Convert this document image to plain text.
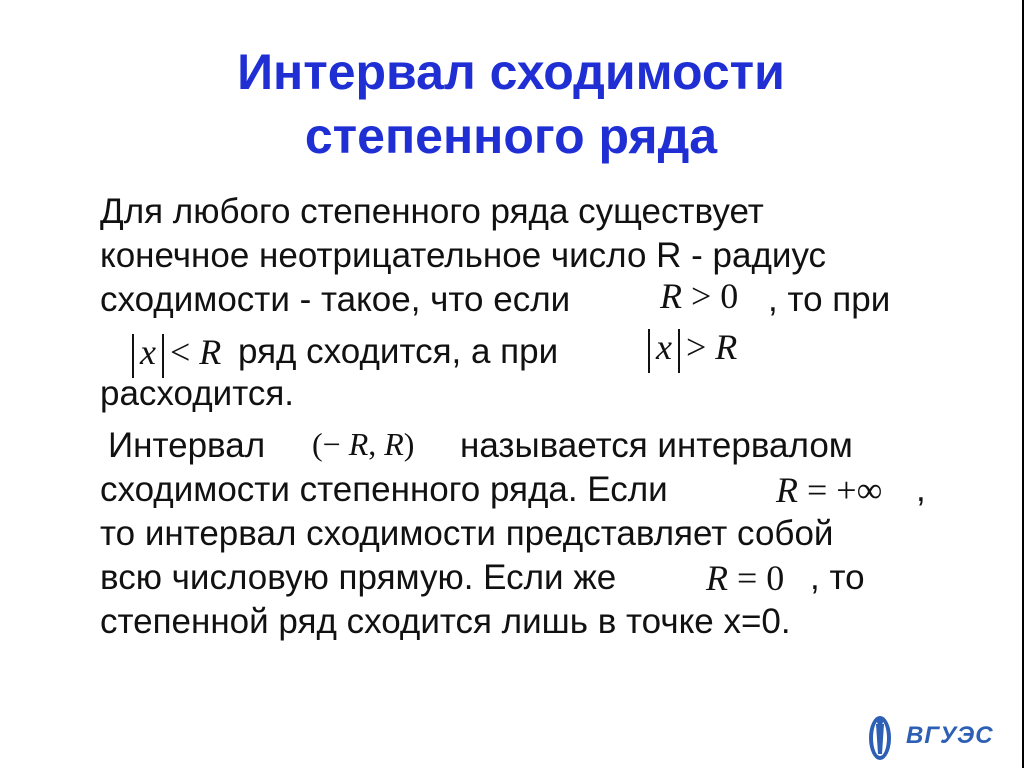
Интервал сходимости
степенного ряда
Для любого степенного ряда существует
конечное неотрицательное число R - радиус
сходимости - такое, что если R > 0 , то при
x < R ряд сходится, а при	x > R
расходится.
Интервал (− R, R) называется интервалом
сходимости степенного ряда. Если	R = +∞ ,
то интервал сходимости представляет собой
всю числовую прямую. Если же R = 0 , то
степенной ряд сходится лишь в точке x=0.
ВГУЭС
